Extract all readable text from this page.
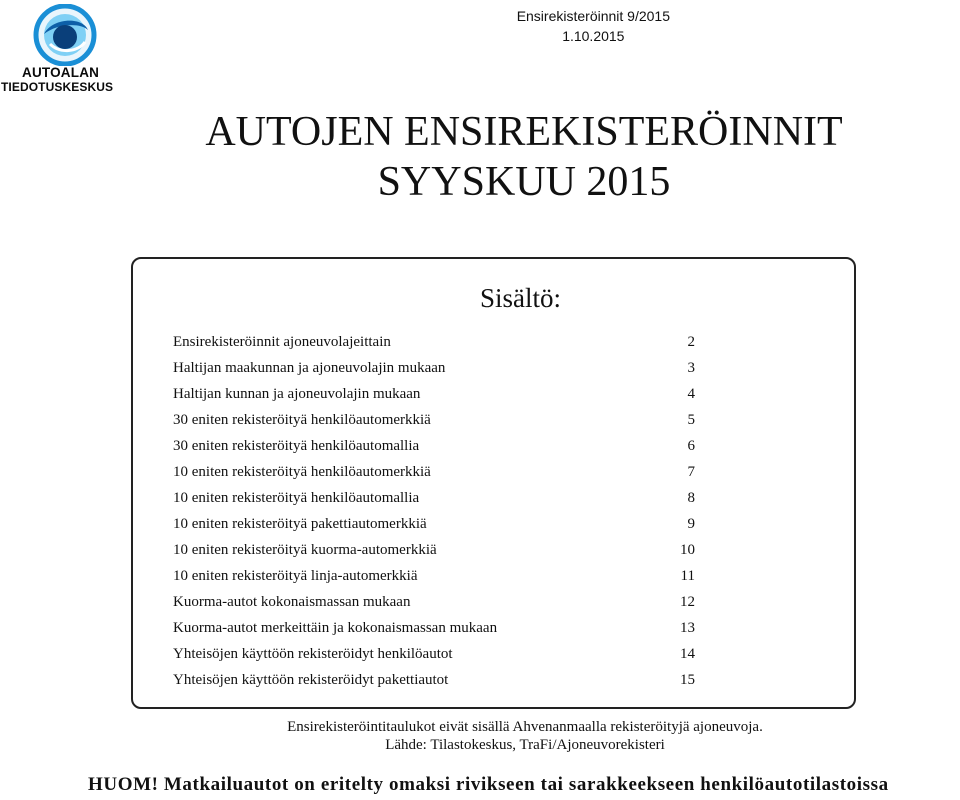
AUTOALAN
TIEDOTUSKESKUS
Ensirekisteröinnit 9/2015
1.10.2015
AUTOJEN ENSIREKISTERÖINNIT
SYYSKUU 2015
Sisältö:
Ensirekisteröinnit ajoneuvolajeittain	2
Haltijan maakunnan ja ajoneuvolajin mukaan	3
Haltijan kunnan ja ajoneuvolajin mukaan	4
30 eniten rekisteröityä henkilöautomerkkiä	5
30 eniten rekisteröityä henkilöautomallia	6
10 eniten rekisteröityä henkilöautomerkkiä	7
10 eniten rekisteröityä henkilöautomallia	8
10 eniten rekisteröityä pakettiautomerkkiä	9
10 eniten rekisteröityä kuorma-automerkkiä	10
10 eniten rekisteröityä linja-automerkkiä	11
Kuorma-autot kokonaismassan mukaan	12
Kuorma-autot merkeittäin ja kokonaismassan mukaan	13
Yhteisöjen käyttöön rekisteröidyt henkilöautot	14
Yhteisöjen käyttöön rekisteröidyt pakettiautot	15
Ensirekisteröintitaulukot eivät sisällä Ahvenanmaalla rekisteröityjä ajoneuvoja.
Lähde: Tilastokeskus, TraFi/Ajoneuvorekisteri
HUOM! Matkailuautot on eritelty omaksi rivikseen tai sarakkeekseen henkilöautotilastoissa
